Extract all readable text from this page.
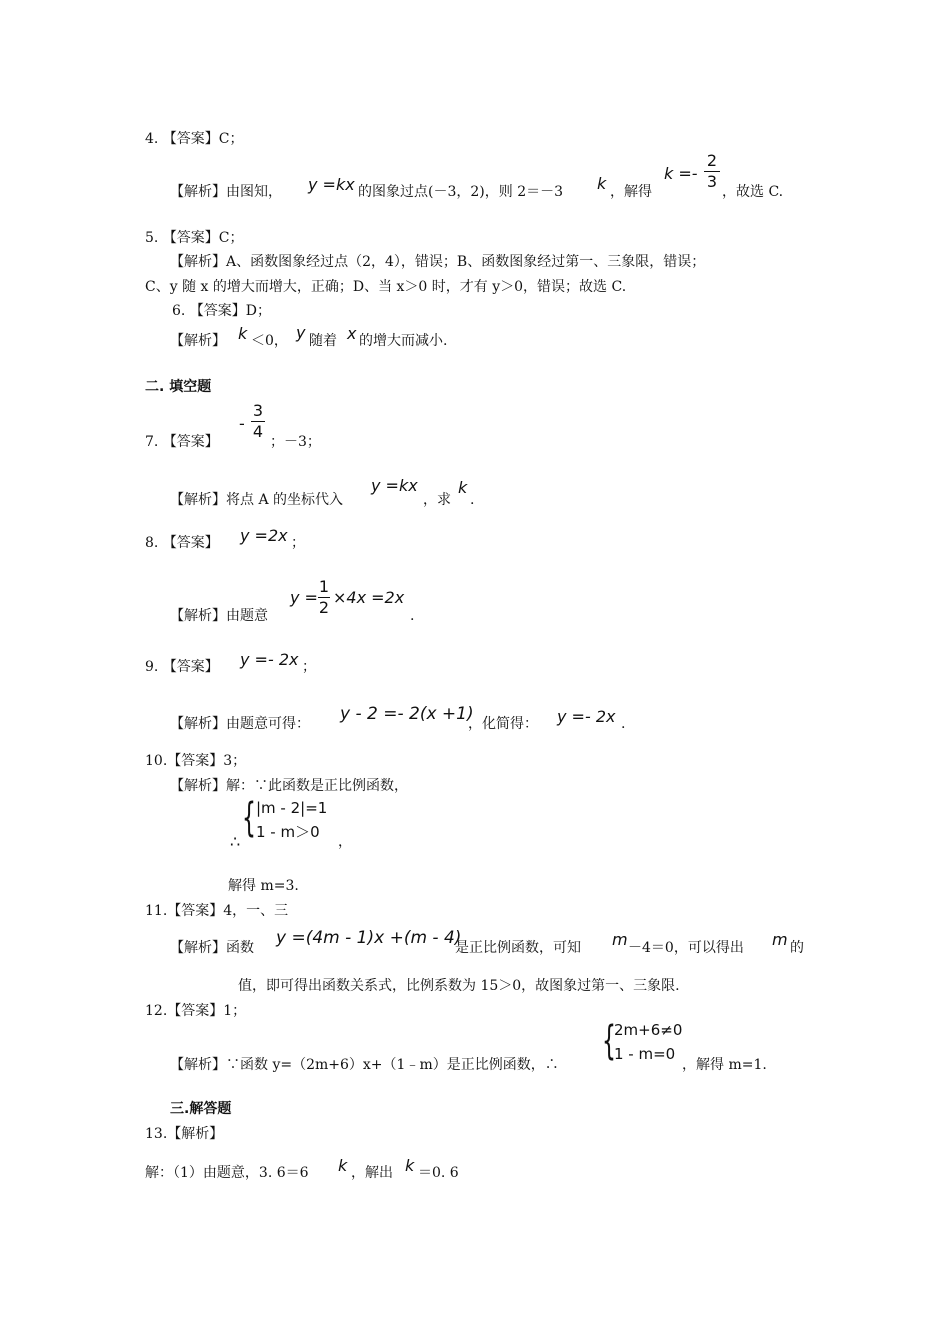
4. 【答案】C；
【解析】由图知， y =kx 的图象过点(－3，2)，则 2＝－3 k ，解得
k =-
2
3
，故选 C.
5. 【答案】C；
【解析】A、函数图象经过点（2，4），错误；B、函数图象经过第一、三象限，错误；
C、y 随 x 的增大而增大，正确；D、当 x＞0 时，才有 y＞0，错误；故选 C.
6. 【答案】D；
【解析】 k ＜0， y 随着 x 的增大而减小.
二. 填空题
7. 【答案】
-
3
4
；－3；
【解析】将点 A 的坐标代入
y =kx
，求
k
.
8. 【答案】 y =2x ；
【解析】由题意
y =
1
2
×4x =2x
.
9. 【答案】 y =- 2x ；
【解析】由题意可得： y - 2 =- 2(x +1)
，化简得： y =- 2x .
10.【答案】3；
【解析】解：∵此函数是正比例函数，
∴
{ |m - 2|=1
1 - m＞0
，
解得 m=3.
11.【答案】4，一、三
【解析】函数 y =(4m - 1)x +(m - 4)
是正比例函数，可知 m －4＝0，可以得出 m 的
值，即可得出函数关系式，比例系数为 15＞0，故图象过第一、三象限.
12.【答案】1；
【解析】∵函数 y=（2m+6）x+（1﹣m）是正比例函数，∴
{
2m+6≠0
1 - m=0
，解得 m=1.
三.解答题
13.【解析】
解：（1）由题意，3. 6＝6 k ，解出 k ＝0. 6
